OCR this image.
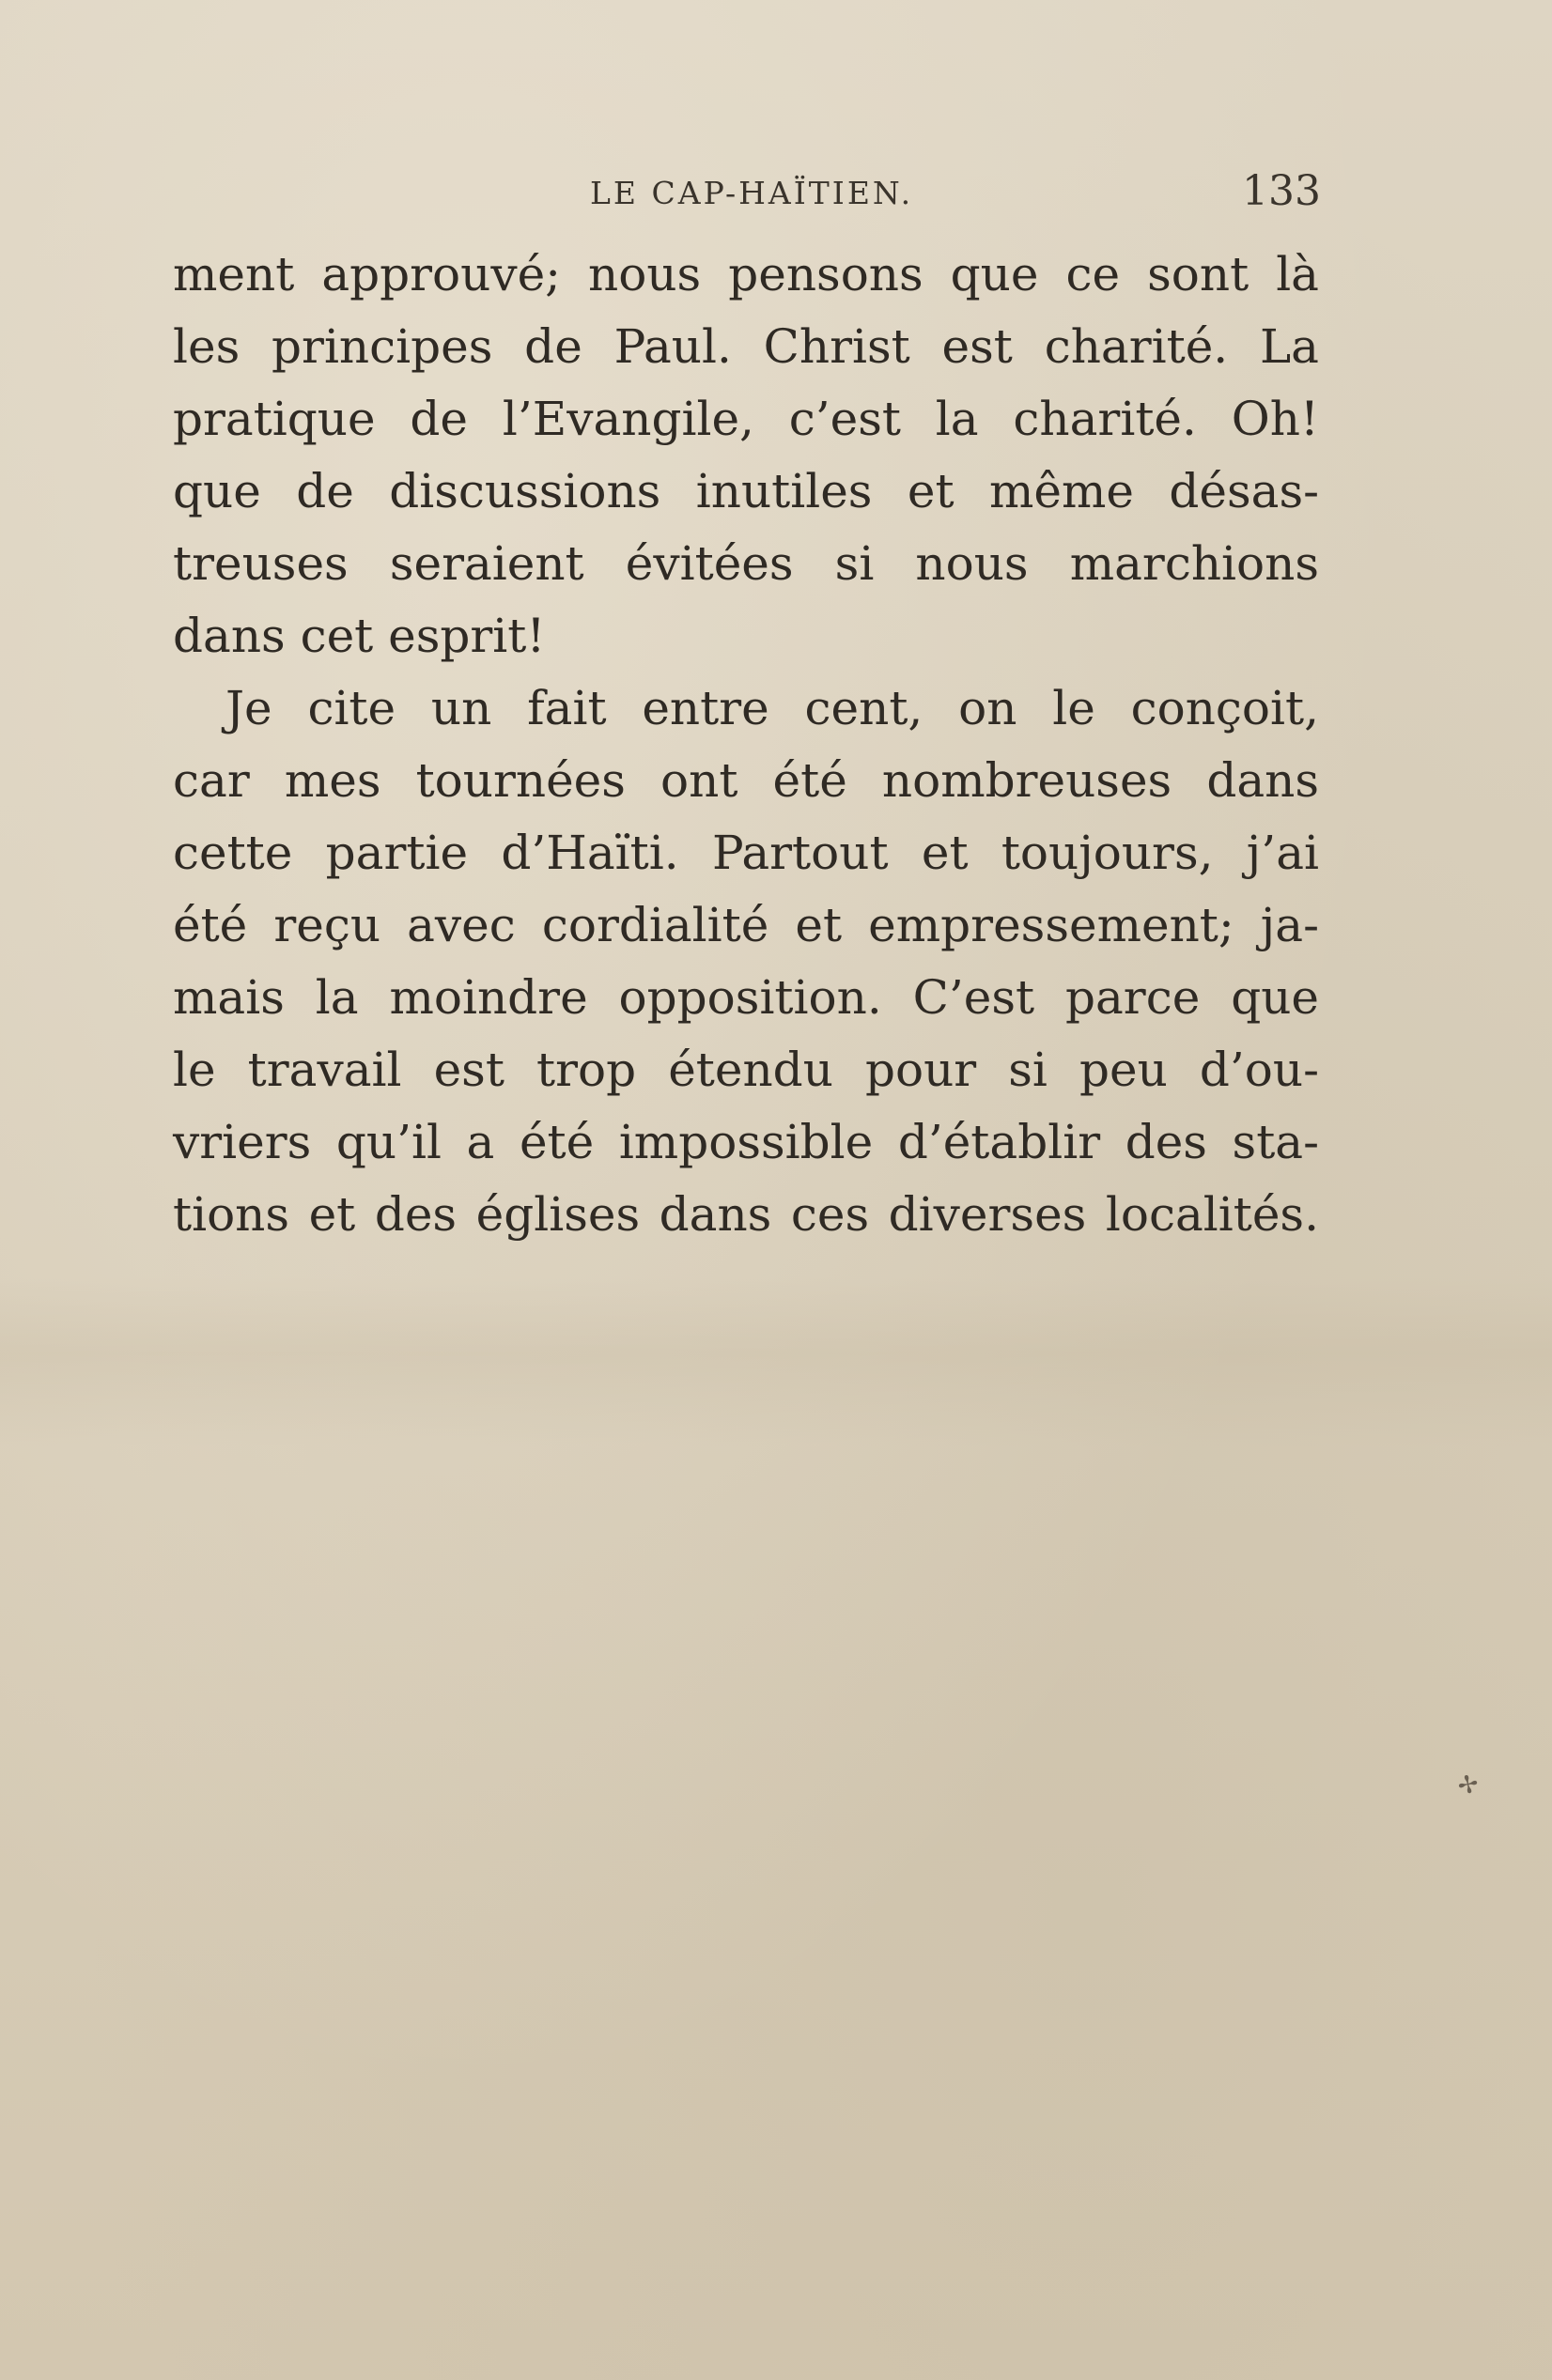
LE CAP-HAÏTIEN.	133
ment approuvé; nous pensons que ce sont là
les principes de Paul. Christ est charité. La
pratique de l’Evangile, c’est la charité. Oh!
que de discussions inutiles et même désas-
treuses seraient évitées si nous marchions
dans cet esprit!
Je cite un fait entre cent, on le conçoit,
car mes tournées ont été nombreuses dans
cette partie d’Haïti. Partout et toujours, j’ai
été reçu avec cordialité et empressement; ja-
mais la moindre opposition. C’est parce que
le travail est trop étendu pour si peu d’ou-
vriers qu’il a été impossible d’établir des sta-
tions et des églises dans ces diverses localités.
✢
